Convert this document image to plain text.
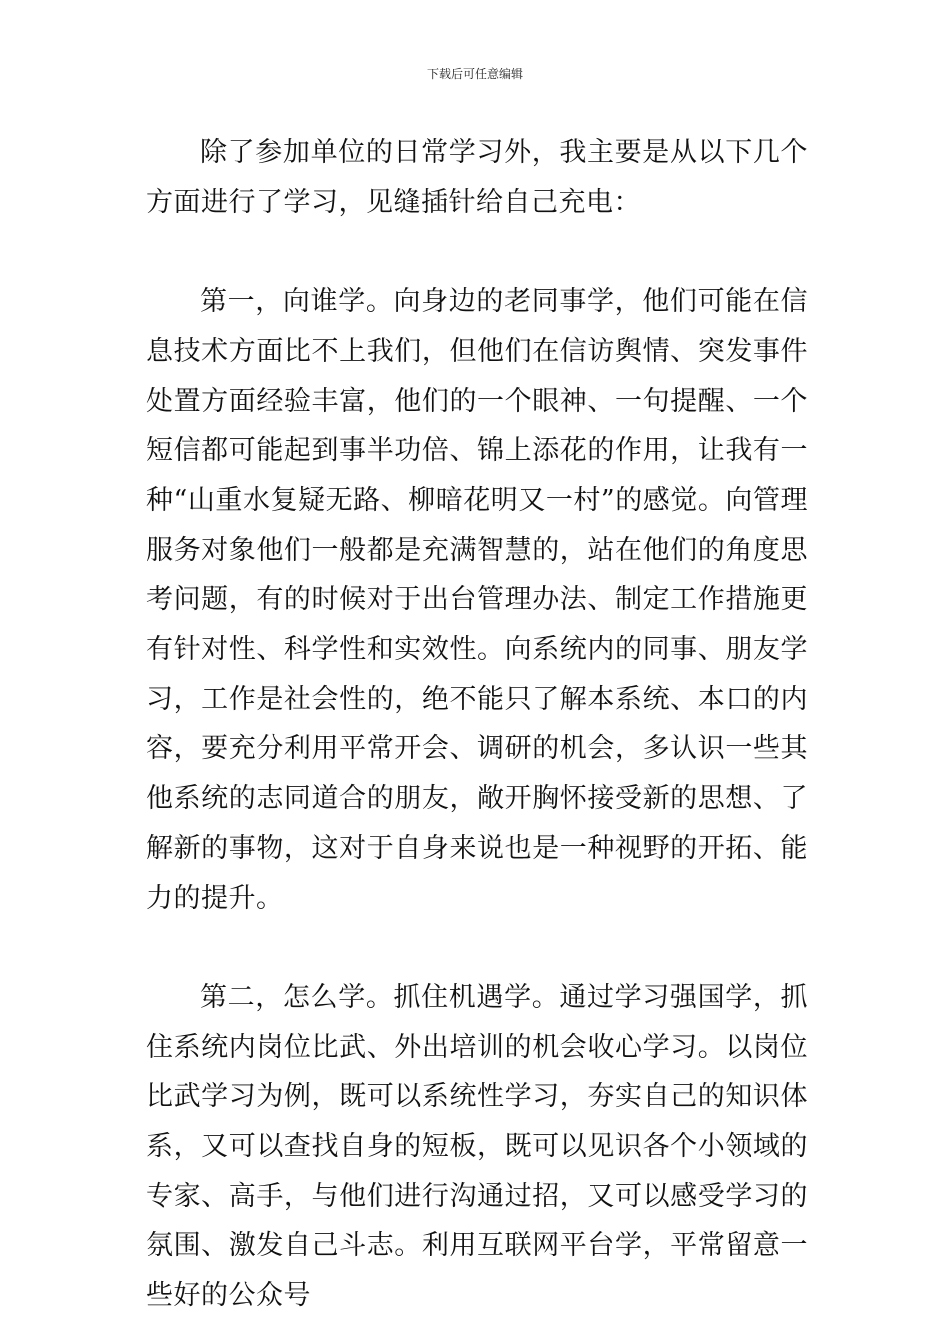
下载后可任意编辑

除了参加单位的日常学习外，我主要是从以下几个方面进行了学习，见缝插针给自己充电：

第一，向谁学。向身边的老同事学，他们可能在信息技术方面比不上我们，但他们在信访舆情、突发事件处置方面经验丰富，他们的一个眼神、一句提醒、一个短信都可能起到事半功倍、锦上添花的作用，让我有一种“山重水复疑无路、柳暗花明又一村”的感觉。向管理服务对象他们一般都是充满智慧的，站在他们的角度思考问题，有的时候对于出台管理办法、制定工作措施更有针对性、科学性和实效性。向系统内的同事、朋友学习，工作是社会性的，绝不能只了解本系统、本口的内容，要充分利用平常开会、调研的机会，多认识一些其他系统的志同道合的朋友，敞开胸怀接受新的思想、了解新的事物，这对于自身来说也是一种视野的开拓、能力的提升。

第二，怎么学。抓住机遇学。通过学习强国学，抓住系统内岗位比武、外出培训的机会收心学习。以岗位比武学习为例，既可以系统性学习，夯实自己的知识体系，又可以查找自身的短板，既可以见识各个小领域的专家、高手，与他们进行沟通过招，又可以感受学习的氛围、激发自己斗志。利用互联网平台学，平常留意一些好的公众号
